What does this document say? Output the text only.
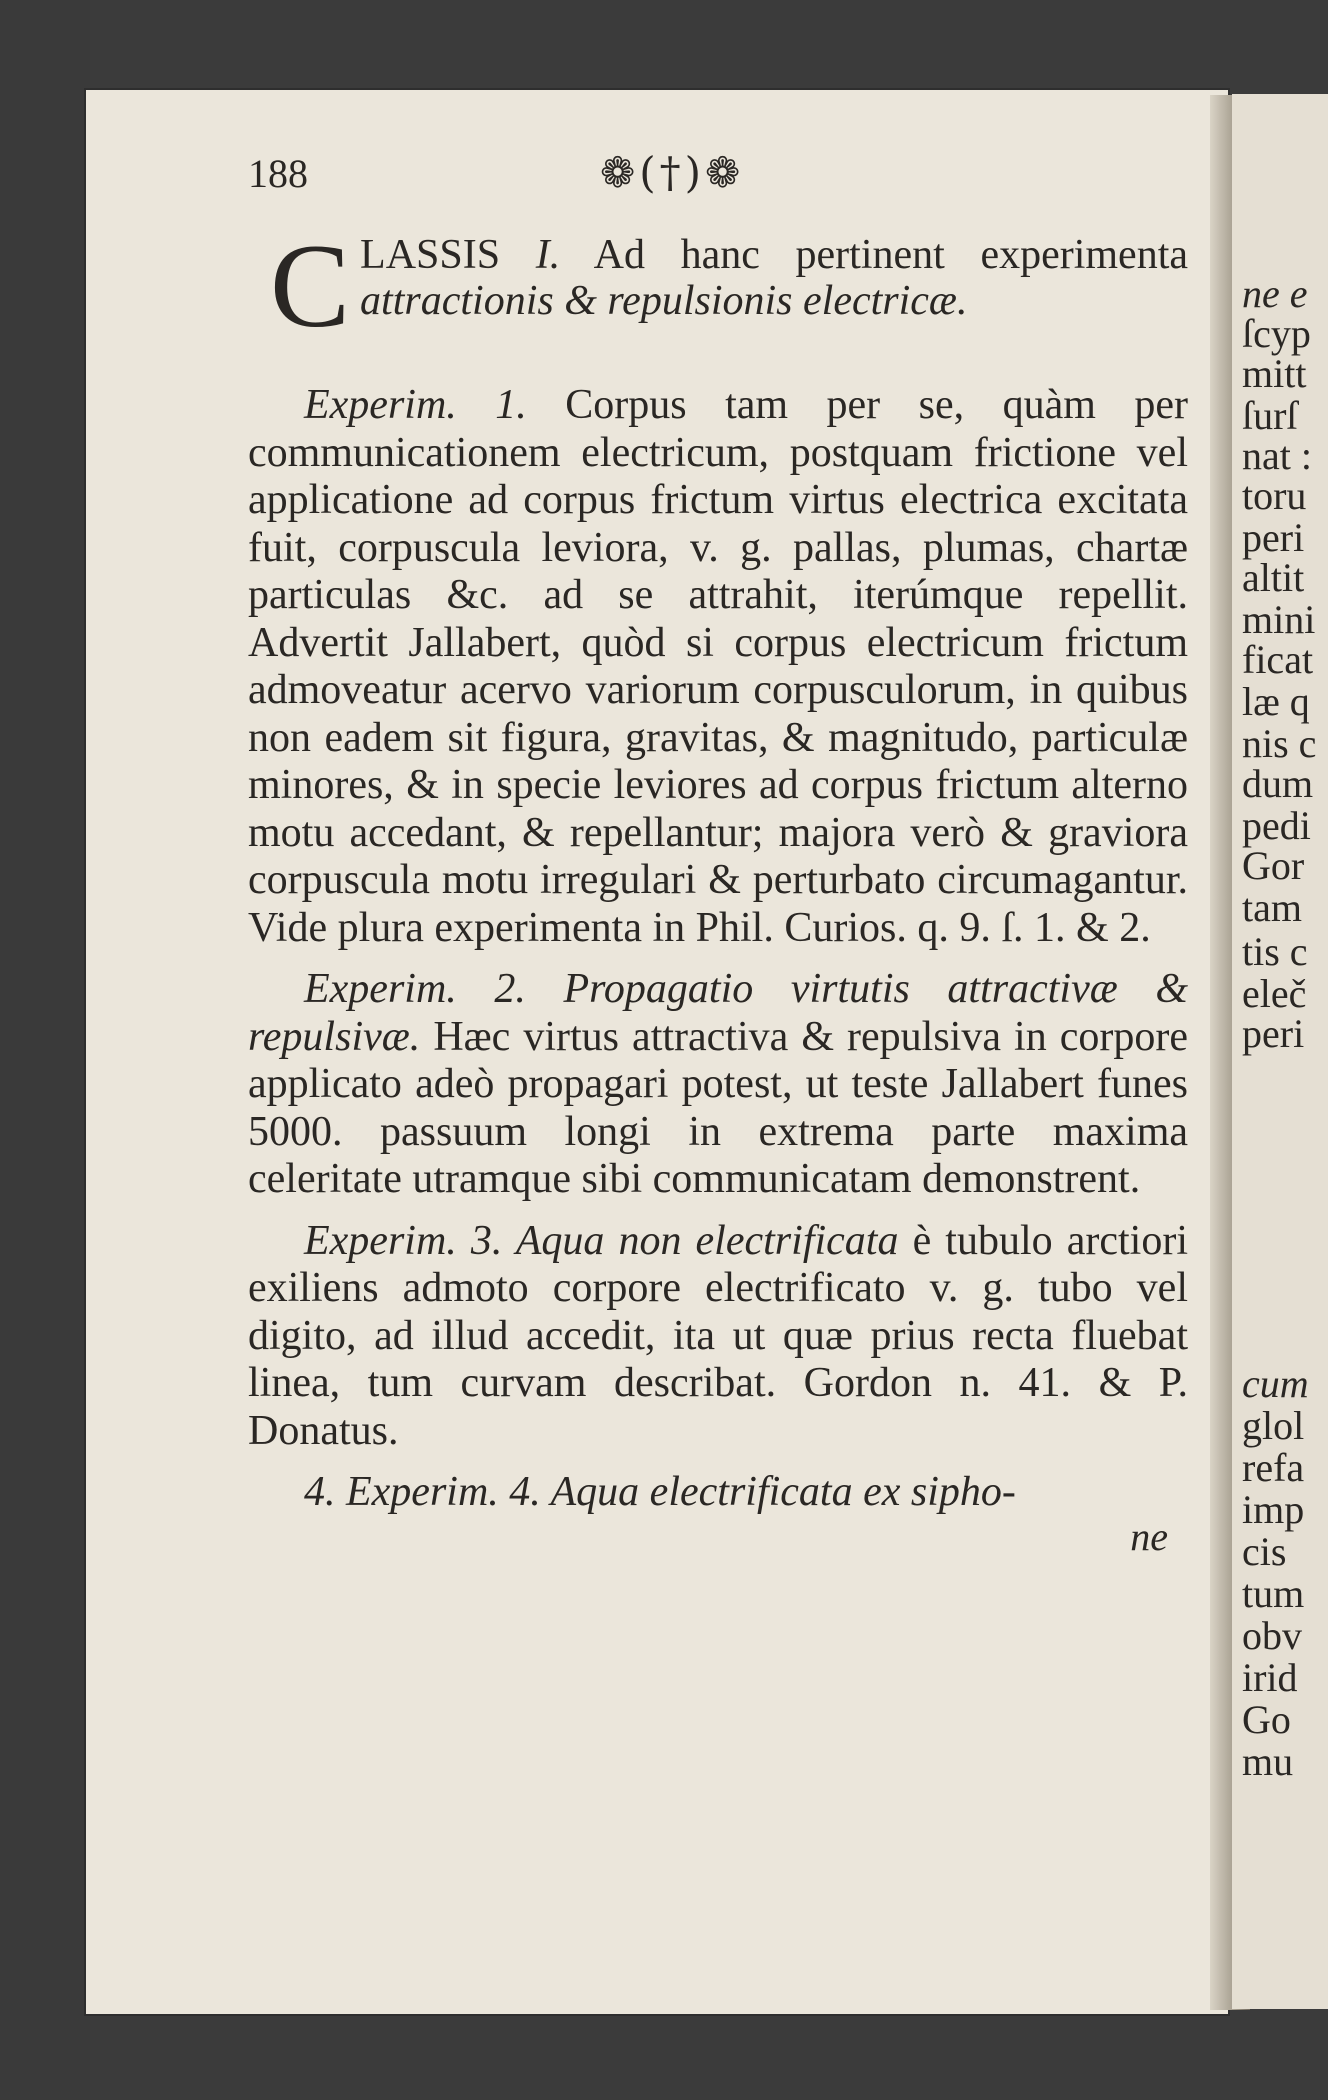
ne e
ſcyp
mitt
ſurſ
nat :
toru
peri
altit
mini
ficat
læ q
nis c
dum
pedi
Gor
tam
tis c
eleč
peri
cum
glol
refa
imp
cis
tum
obv
irid
Go
mu
188	❁(†)❁
C LASSIS I. Ad hanc pertinent experimenta attractionis & repulsionis electricæ.

Experim. 1. Corpus tam per se, quàm per communicationem electricum, postquam frictione vel applicatione ad corpus frictum virtus electrica excitata fuit, corpuscula leviora, v. g. pallas, plumas, chartæ particulas &c. ad se attrahit, iterúmque repellit. Advertit Jallabert, quòd si corpus electricum frictum admoveatur acervo variorum corpusculorum, in quibus non eadem sit figura, gravitas, & magnitudo, particulæ minores, & in specie leviores ad corpus frictum alterno motu accedant, & repellantur; majora verò & graviora corpuscula motu irregulari & perturbato circumagantur. Vide plura experimenta in Phil. Curios. q. 9. ſ. 1. & 2.

Experim. 2. Propagatio virtutis attractivæ & repulsivæ. Hæc virtus attractiva & repulsiva in corpore applicato adeò propagari potest, ut teste Jallabert funes 5000. passuum longi in extrema parte maxima celeritate utramque sibi communicatam demonstrent.

Experim. 3. Aqua non electrificata è tubulo arctiori exiliens admoto corpore electrificato v. g. tubo vel digito, ad illud accedit, ita ut quæ prius recta fluebat linea, tum curvam describat. Gordon n. 41. & P. Donatus.

4. Experim. 4. Aqua electrificata ex sipho-

ne
